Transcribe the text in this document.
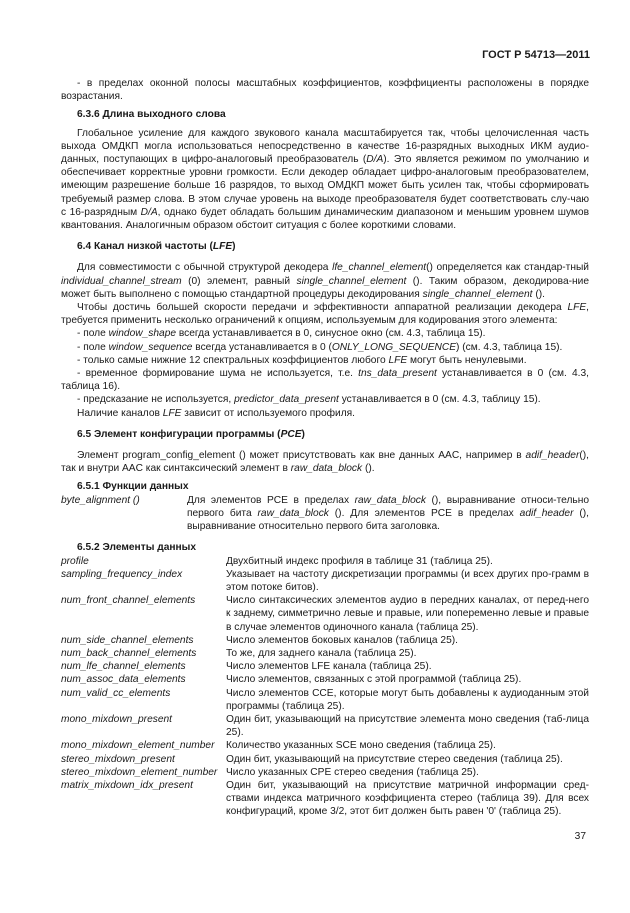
ГОСТ Р 54713—2011

- в пределах оконной полосы масштабных коэффициентов, коэффициенты расположены в порядке возрастания.

6.3.6 Длина выходного слова

Глобальное усиление для каждого звукового канала масштабируется так, чтобы целочисленная часть выхода ОМДКП могла использоваться непосредственно в качестве 16-разрядных выходных ИКМ аудио-данных, поступающих в цифро-аналоговый преобразователь (D/A). Это является режимом по умолчанию и обеспечивает корректные уровни громкости. Если декодер обладает цифро-аналоговым преобразователем, имеющим разрешение больше 16 разрядов, то выход ОМДКП может быть усилен так, чтобы сформировать требуемый размер слова. В этом случае уровень на выходе преобразователя будет соответствовать слу-чаю с 16-разрядным D/A, однако будет обладать большим динамическим диапазоном и меньшим уровнем шумов квантования. Аналогичным образом обстоит ситуация с более короткими словами.

6.4 Канал низкой частоты (LFE)

Для совместимости с обычной структурой декодера lfe_channel_element() определяется как стандар-тный individual_channel_stream (0) элемент, равный single_channel_element (). Таким образом, декодирова-ние может быть выполнено с помощью стандартной процедуры декодирования single_channel_element ().

Чтобы достичь большей скорости передачи и эффективности аппаратной реализации декодера LFE, требуется применить несколько ограничений к опциям, используемым для кодирования этого элемента:

- поле window_shape всегда устанавливается в 0, синусное окно (см. 4.3, таблица 15).

- поле window_sequence всегда устанавливается в 0 (ONLY_LONG_SEQUENCE) (см. 4.3, таблица 15).

- только самые нижние 12 спектральных коэффициентов любого LFE могут быть ненулевыми.

- временное формирование шума не используется, т.е. tns_data_present устанавливается в 0 (см. 4.3, таблица 16).

- предсказание не используется, predictor_data_present устанавливается в 0 (см. 4.3, таблицу 15).

Наличие каналов LFE зависит от используемого профиля.

6.5 Элемент конфигурации программы (PCE)

Элемент program_config_element () может присутствовать как вне данных AAC, например в adif_header(), так и внутри AAC как синтаксический элемент в raw_data_block ().

6.5.1 Функции данных
byte_alignment ()	Для элементов PCE в пределах raw_data_block (), выравнивание относи-тельно первого бита raw_data_block (). Для элементов PCE в пределах adif_header (), выравнивание относительно первого бита заголовка.
6.5.2 Элементы данных
profile	Двухбитный индекс профиля в таблице 31 (таблица 25).
sampling_frequency_index	Указывает на частоту дискретизации программы (и всех других про-грамм в этом потоке битов).
num_front_channel_elements	Число синтаксических элементов аудио в передних каналах, от перед-него к заднему, симметрично левые и правые, или попеременно левые и правые в случае элементов одиночного канала (таблица 25).
num_side_channel_elements	Число элементов боковых каналов (таблица 25).
num_back_channel_elements	То же, для заднего канала (таблица 25).
num_lfe_channel_elements	Число элементов LFE канала (таблица 25).
num_assoc_data_elements	Число элементов, связанных с этой программой (таблица 25).
num_valid_cc_elements	Число элементов CCE, которые могут быть добавлены к аудиоданным этой программы (таблица 25).
mono_mixdown_present	Один бит, указывающий на присутствие элемента моно сведения (таб-лица 25).
mono_mixdown_element_number	Количество указанных SCE моно сведения (таблица 25).
stereo_mixdown_present	Один бит, указывающий на присутствие стерео сведения (таблица 25).
stereo_mixdown_element_number Число указанных CPE стерео сведения (таблица 25).
matrix_mixdown_idx_present	Один бит, указывающий на присутствие матричной информации сред-ствами индекса матричного коэффициента стерео (таблица 39). Для всех конфигураций, кроме 3/2, этот бит должен быть равен '0' (таблица 25).
37
